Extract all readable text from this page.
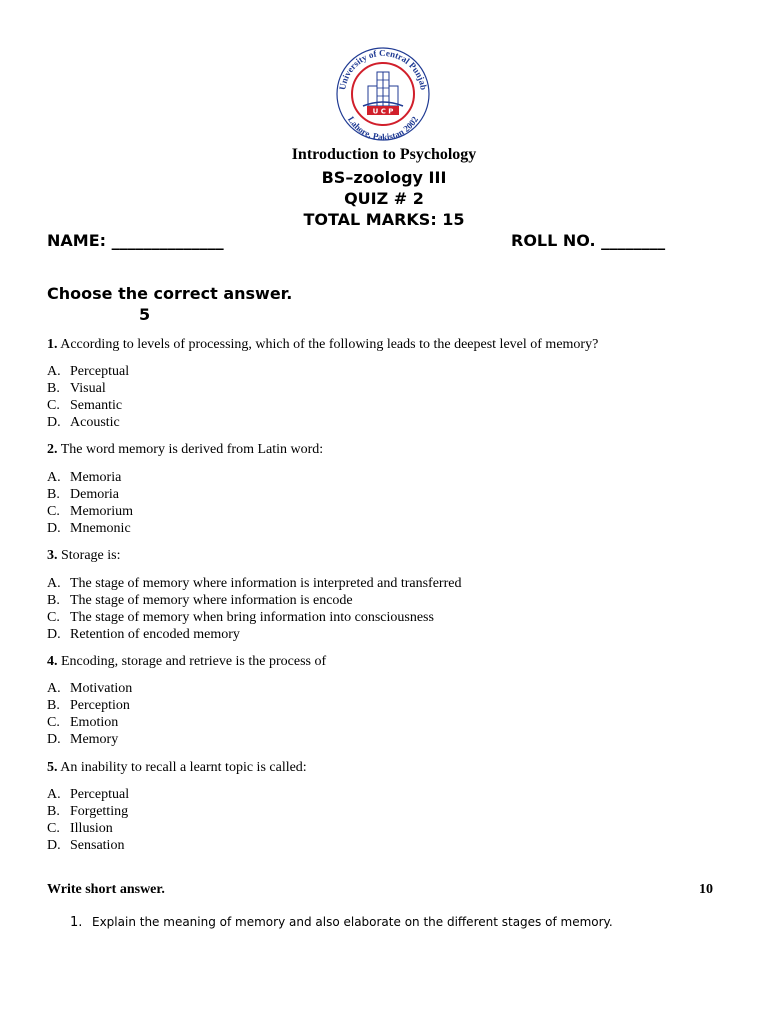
University of Central Punjab
Lahore, Pakistan 2002
U C P
Introduction to Psychology
BS–zoology III
QUIZ # 2
TOTAL MARKS: 15
NAME: ______________	ROLL NO. ________
Choose the correct answer.
5
1. According to levels of processing, which of the following leads to the deepest level of memory?
A. Perceptual
B. Visual
C. Semantic
D. Acoustic
2. The word memory is derived from Latin word:
A. Memoria
B. Demoria
C. Memorium
D. Mnemonic
3. Storage is:
A. The stage of memory where information is interpreted and transferred
B. The stage of memory where information is encode
C. The stage of memory when bring information into consciousness
D. Retention of encoded memory
4. Encoding, storage and retrieve is the process of
A. Motivation
B. Perception
C. Emotion
D. Memory
5. An inability to recall a learnt topic is called:
A. Perceptual
B. Forgetting
C. Illusion
D. Sensation
Write short answer.	10
1. Explain the meaning of memory and also elaborate on the different stages of memory.
